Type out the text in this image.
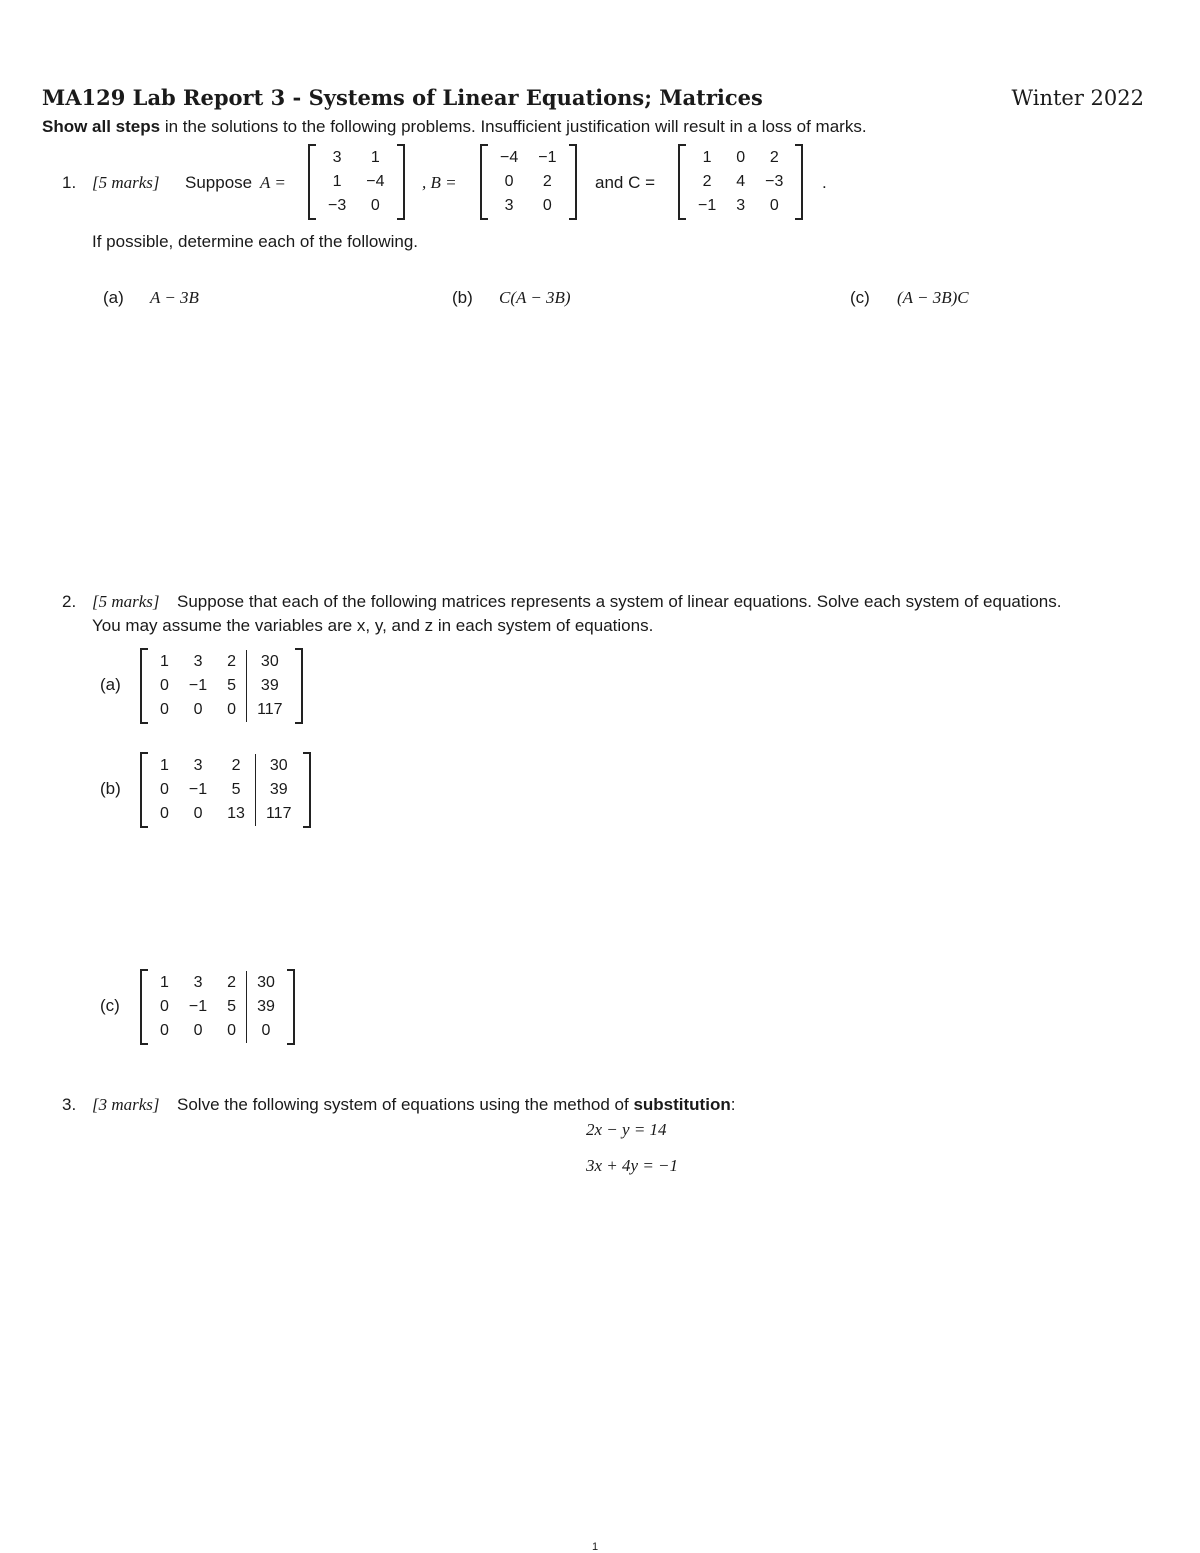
MA129 Lab Report 3 - Systems of Linear Equations; Matrices	Winter 2022
Show all steps in the solutions to the following problems. Insufficient justification will result in a loss of marks.
1. [5 marks] Suppose A =
3	1
1	−4
−3	0
, B =
−4	−1
0	2
3	0
and C =
1	0	2
2	4	−3
−1	3	0
.
If possible, determine each of the following.
(a) A − 3B	(b) C(A − 3B)	(c) (A − 3B)C
2. [5 marks] Suppose that each of the following matrices represents a system of linear equations. Solve each system of equations.
You may assume the variables are x, y, and z in each system of equations.
(a)
1	3	2	30
0	−1	5	39
0	0	0	117
(b)
1	3	2	30
0	−1	5	39
0	0	13	117
(c)
1	3	2	30
0	−1	5	39
0	0	0	0
3. [3 marks] Solve the following system of equations using the method of substitution:
2x − y = 14
3x + 4y = −1
1
